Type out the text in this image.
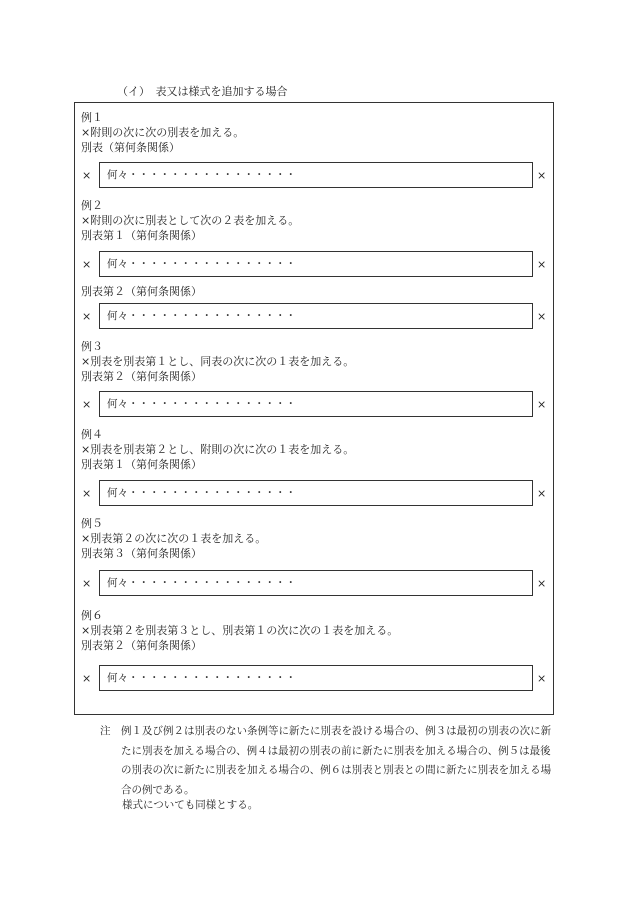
（イ）　表又は様式を追加する場合
例１
×附則の次に次の別表を加える。
別表（第何条関係）
×	何々・・・・・・・・・・・・・・・・	×
例２
×附則の次に別表として次の２表を加える。
別表第１（第何条関係）
×	何々・・・・・・・・・・・・・・・・	×
別表第２（第何条関係）
×	何々・・・・・・・・・・・・・・・・	×
例３
×別表を別表第１とし、同表の次に次の１表を加える。
別表第２（第何条関係）
×	何々・・・・・・・・・・・・・・・・	×
例４
×別表を別表第２とし、附則の次に次の１表を加える。
別表第１（第何条関係）
×	何々・・・・・・・・・・・・・・・・	×
例５
×別表第２の次に次の１表を加える。
別表第３（第何条関係）
×	何々・・・・・・・・・・・・・・・・	×
例６
×別表第２を別表第３とし、別表第１の次に次の１表を加える。
別表第２（第何条関係）
×	何々・・・・・・・・・・・・・・・・	×
注　例１及び例２は別表のない条例等に新たに別表を設ける場合の、例３は最初の別表の次に新たに別表を加える場合の、例４は最初の別表の前に新たに別表を加える場合の、例５は最後の別表の次に新たに別表を加える場合の、例６は別表と別表との間に新たに別表を加える場合の例である。
様式についても同様とする。
